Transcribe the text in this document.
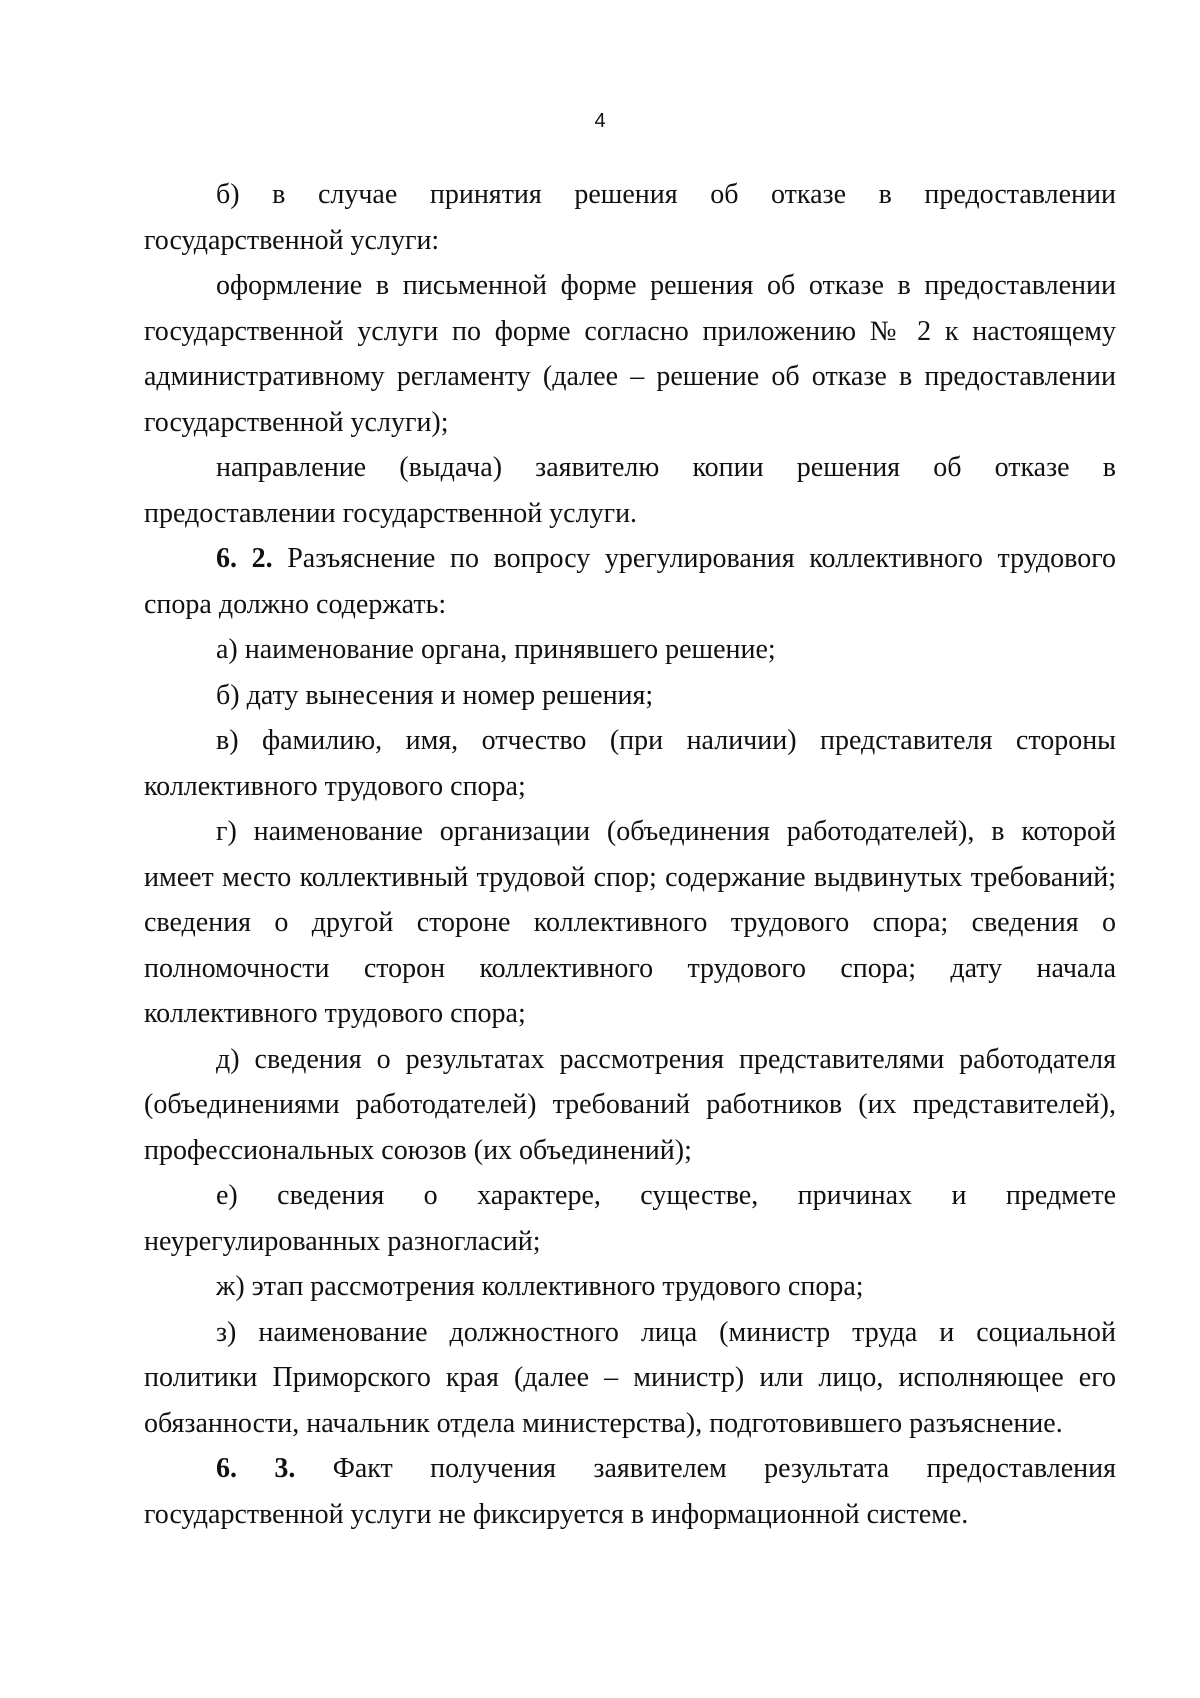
4

б) в случае принятия решения об отказе в предоставлении государственной услуги:

оформление в письменной форме решения об отказе в предоставлении государственной услуги по форме согласно приложению № 2 к настоящему административному регламенту (далее – решение об отказе в предоставлении государственной услуги);

направление (выдача) заявителю копии решения об отказе в предоставлении государственной услуги.

6. 2. Разъяснение по вопросу урегулирования коллективного трудового спора должно содержать:

а) наименование органа, принявшего решение;

б) дату вынесения и номер решения;

в) фамилию, имя, отчество (при наличии) представителя стороны коллективного трудового спора;

г) наименование организации (объединения работодателей), в которой имеет место коллективный трудовой спор; содержание выдвинутых требований; сведения о другой стороне коллективного трудового спора; сведения о полномочности сторон коллективного трудового спора; дату начала коллективного трудового спора;

д) сведения о результатах рассмотрения представителями работодателя (объединениями работодателей) требований работников (их представителей), профессиональных союзов (их объединений);

е) сведения о характере, существе, причинах и предмете неурегулированных разногласий;

ж) этап рассмотрения коллективного трудового спора;

з) наименование должностного лица (министр труда и социальной политики Приморского края (далее – министр) или лицо, исполняющее его обязанности, начальник отдела министерства), подготовившего разъяснение.

6. 3. Факт получения заявителем результата предоставления государственной услуги не фиксируется в информационной системе.
